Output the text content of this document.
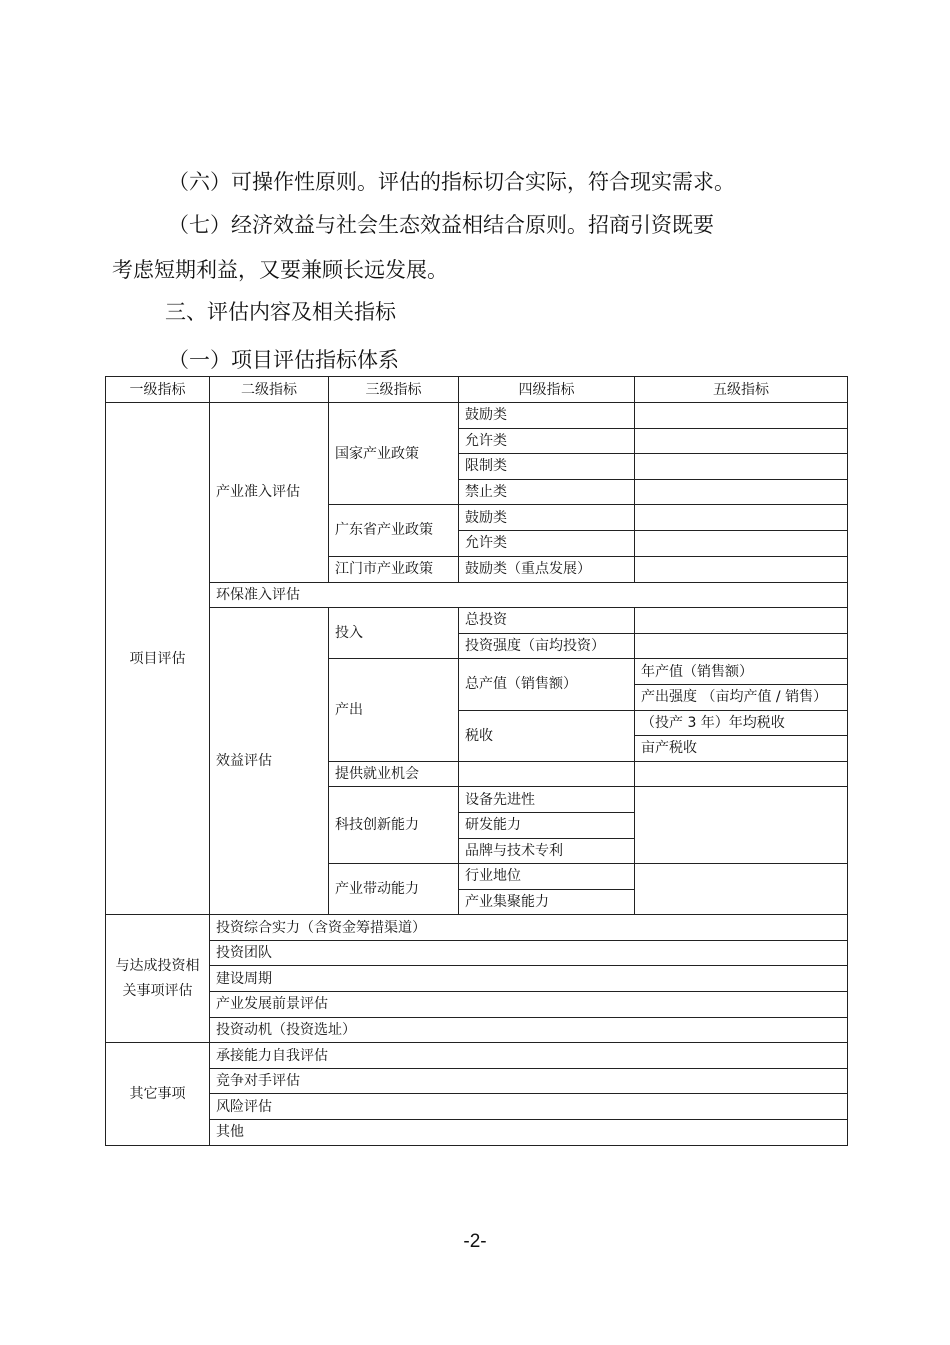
（六）可操作性原则。评估的指标切合实际，符合现实需求。

（七）经济效益与社会生态效益相结合原则。招商引资既要

考虑短期利益，又要兼顾长远发展。

三、评估内容及相关指标

（一）项目评估指标体系

一级指标	二级指标	三级指标	四级指标	五级指标
项目评估	产业准入评估	国家产业政策	鼓励类	
			允许类	
			限制类	
			禁止类	
		广东省产业政策	鼓励类	
			允许类	
		江门市产业政策	鼓励类（重点发展）	

	环保准入评估			
	效益评估	投入	总投资	
			投资强度（亩均投资）	
		产出	总产值（销售额）	年产值（销售额）
				产出强度 （亩均产值 / 销售）
			税收	（投产 3 年）年均税收
				亩产税收
		提供就业机会		
		科技创新能力	设备先进性	
			研发能力	
			品牌与技术专利	
		产业带动能力	行业地位	
			产业集聚能力	
与达成投资相关事项评估	投资综合实力（含资金筹措渠道）			
	投资团队			
	建设周期			
	产业发展前景评估			
	投资动机（投资选址）			
其它事项	承接能力自我评估			
	竞争对手评估			
	风险评估			
	其他			
-2-
